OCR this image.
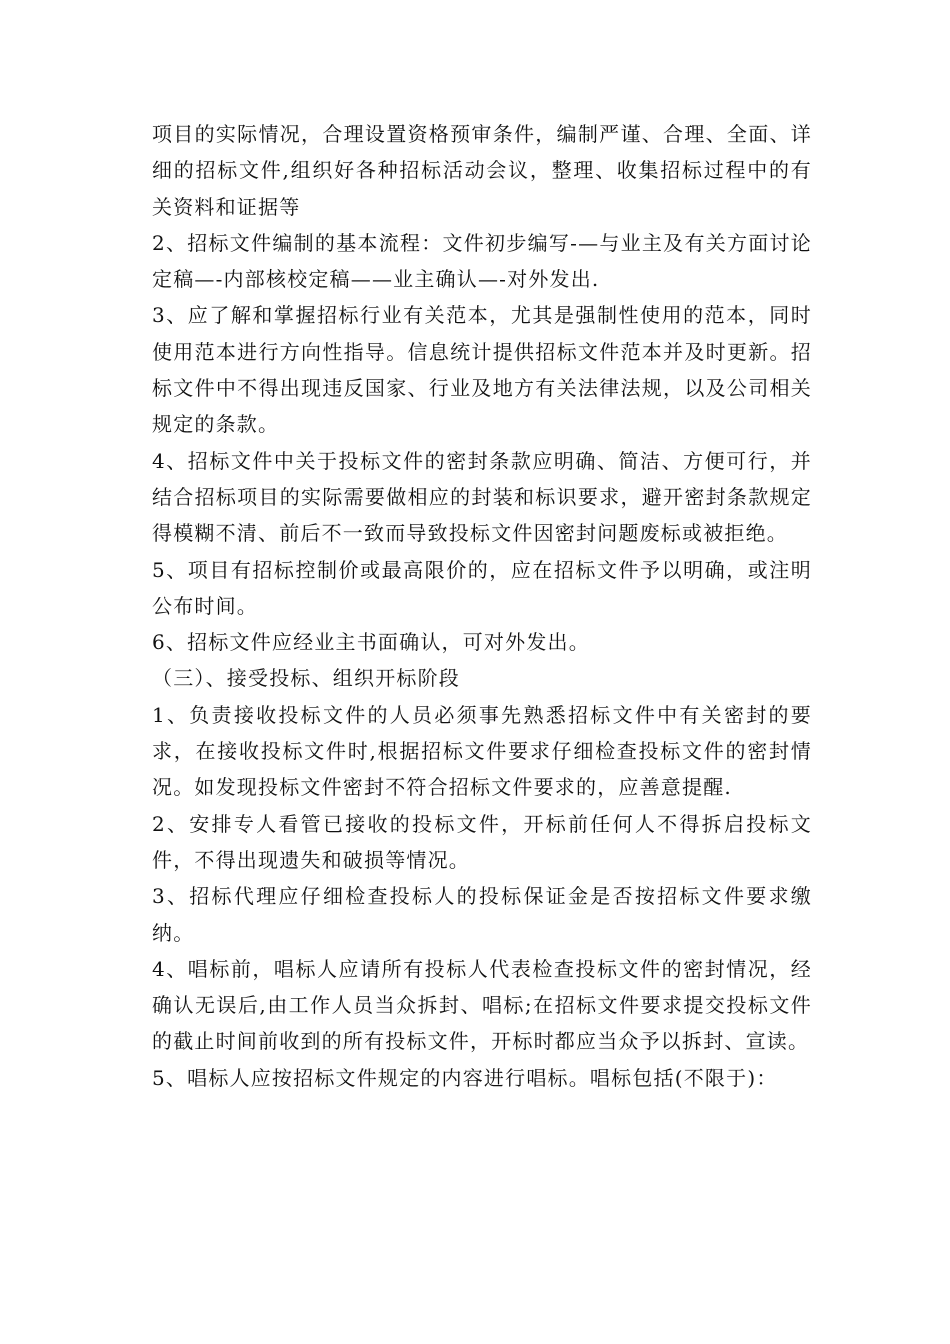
项目的实际情况，合理设置资格预审条件，编制严谨、合理、全面、详细的招标文件,组织好各种招标活动会议，整理、收集招标过程中的有关资料和证据等

2、招标文件编制的基本流程：文件初步编写-—与业主及有关方面讨论定稿—-内部核校定稿——业主确认—-对外发出.

3、应了解和掌握招标行业有关范本，尤其是强制性使用的范本，同时使用范本进行方向性指导。信息统计提供招标文件范本并及时更新。招标文件中不得出现违反国家、行业及地方有关法律法规，以及公司相关规定的条款。

4、招标文件中关于投标文件的密封条款应明确、简洁、方便可行，并结合招标项目的实际需要做相应的封装和标识要求，避开密封条款规定得模糊不清、前后不一致而导致投标文件因密封问题废标或被拒绝。

5、项目有招标控制价或最高限价的，应在招标文件予以明确，或注明公布时间。

6、招标文件应经业主书面确认，可对外发出。

（三）、接受投标、组织开标阶段

1、负责接收投标文件的人员必须事先熟悉招标文件中有关密封的要求，在接收投标文件时,根据招标文件要求仔细检查投标文件的密封情况。如发现投标文件密封不符合招标文件要求的，应善意提醒.

2、安排专人看管已接收的投标文件，开标前任何人不得拆启投标文件，不得出现遗失和破损等情况。

3、招标代理应仔细检查投标人的投标保证金是否按招标文件要求缴纳。

4、唱标前，唱标人应请所有投标人代表检查投标文件的密封情况，经确认无误后,由工作人员当众拆封、唱标;在招标文件要求提交投标文件的截止时间前收到的所有投标文件，开标时都应当众予以拆封、宣读。

5、唱标人应按招标文件规定的内容进行唱标。唱标包括(不限于)：
